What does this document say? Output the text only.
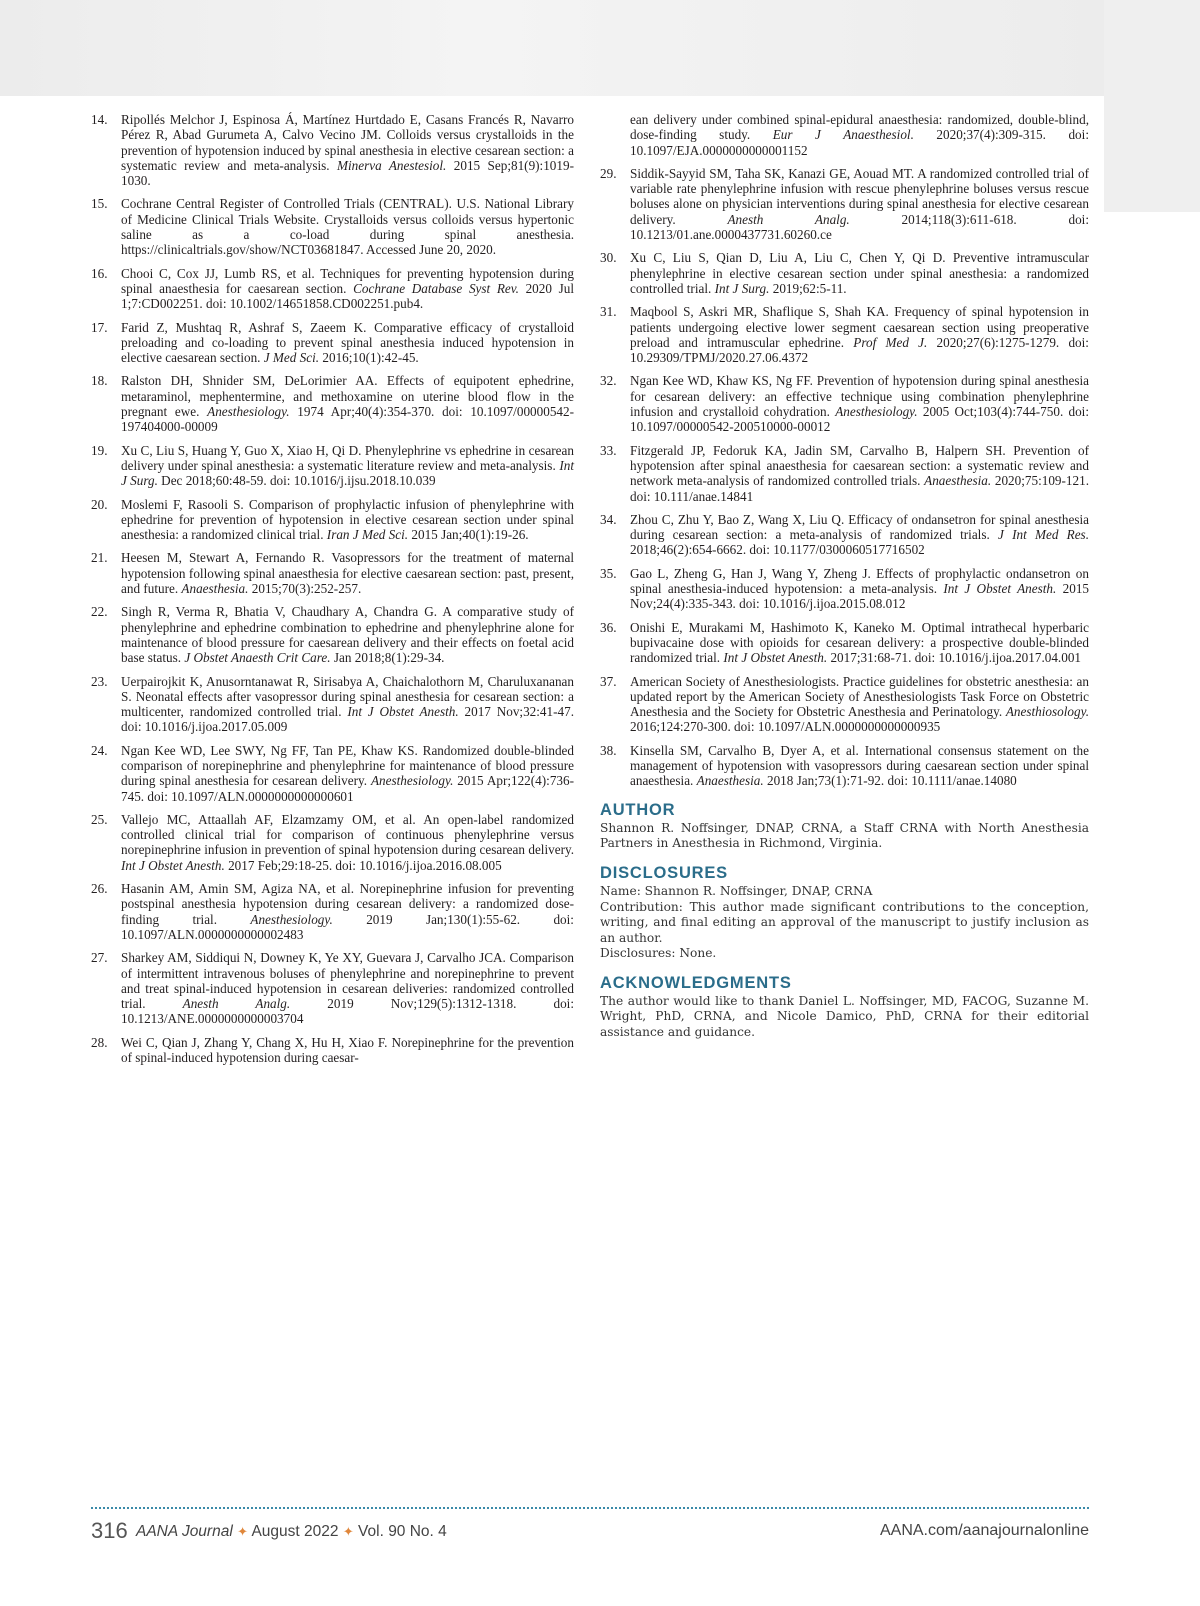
14.	Ripollés Melchor J, Espinosa Á, Martínez Hurtdado E, Casans Francés R, Navarro Pérez R, Abad Gurumeta A, Calvo Vecino JM. Colloids versus crystalloids in the prevention of hypotension induced by spinal anesthesia in elective cesarean section: a systematic review and meta-analysis. Minerva Anestesiol. 2015 Sep;81(9):1019-1030.
15.	Cochrane Central Register of Controlled Trials (CENTRAL). U.S. National Library of Medicine Clinical Trials Website. Crystalloids versus colloids versus hypertonic saline as a co-load during spinal anesthesia. https://clinicaltrials.gov/show/NCT03681847. Accessed June 20, 2020.
16.	Chooi C, Cox JJ, Lumb RS, et al. Techniques for preventing hypotension during spinal anaesthesia for caesarean section. Cochrane Database Syst Rev. 2020 Jul 1;7:CD002251. doi: 10.1002/14651858.CD002251.pub4.
17.	Farid Z, Mushtaq R, Ashraf S, Zaeem K. Comparative efficacy of crystalloid preloading and co-loading to prevent spinal anesthesia induced hypotension in elective caesarean section. J Med Sci. 2016;10(1):42-45.
18.	Ralston DH, Shnider SM, DeLorimier AA. Effects of equipotent ephedrine, metaraminol, mephentermine, and methoxamine on uterine blood flow in the pregnant ewe. Anesthesiology. 1974 Apr;40(4):354-370. doi: 10.1097/00000542-197404000-00009
19.	Xu C, Liu S, Huang Y, Guo X, Xiao H, Qi D. Phenylephrine vs ephedrine in cesarean delivery under spinal anesthesia: a systematic literature review and meta-analysis. Int J Surg. Dec 2018;60:48-59. doi: 10.1016/j.ijsu.2018.10.039
20.	Moslemi F, Rasooli S. Comparison of prophylactic infusion of phenylephrine with ephedrine for prevention of hypotension in elective cesarean section under spinal anesthesia: a randomized clinical trial. Iran J Med Sci. 2015 Jan;40(1):19-26.
21.	Heesen M, Stewart A, Fernando R. Vasopressors for the treatment of maternal hypotension following spinal anaesthesia for elective caesarean section: past, present, and future. Anaesthesia. 2015;70(3):252-257.
22.	Singh R, Verma R, Bhatia V, Chaudhary A, Chandra G. A comparative study of phenylephrine and ephedrine combination to ephedrine and phenylephrine alone for maintenance of blood pressure for caesarean delivery and their effects on foetal acid base status. J Obstet Anaesth Crit Care. Jan 2018;8(1):29-34.
23.	Uerpairojkit K, Anusorntanawat R, Sirisabya A, Chaichalothorn M, Charuluxananan S. Neonatal effects after vasopressor during spinal anesthesia for cesarean section: a multicenter, randomized controlled trial. Int J Obstet Anesth. 2017 Nov;32:41-47. doi: 10.1016/j.ijoa.2017.05.009
24.	Ngan Kee WD, Lee SWY, Ng FF, Tan PE, Khaw KS. Randomized double-blinded comparison of norepinephrine and phenylephrine for maintenance of blood pressure during spinal anesthesia for cesarean delivery. Anesthesiology. 2015 Apr;122(4):736-745. doi: 10.1097/ALN.0000000000000601
25.	Vallejo MC, Attaallah AF, Elzamzamy OM, et al. An open-label randomized controlled clinical trial for comparison of continuous phenylephrine versus norepinephrine infusion in prevention of spinal hypotension during cesarean delivery. Int J Obstet Anesth. 2017 Feb;29:18-25. doi: 10.1016/j.ijoa.2016.08.005
26.	Hasanin AM, Amin SM, Agiza NA, et al. Norepinephrine infusion for preventing postspinal anesthesia hypotension during cesarean delivery: a randomized dose-finding trial. Anesthesiology. 2019 Jan;130(1):55-62. doi: 10.1097/ALN.0000000000002483
27.	Sharkey AM, Siddiqui N, Downey K, Ye XY, Guevara J, Carvalho JCA. Comparison of intermittent intravenous boluses of phenylephrine and norepinephrine to prevent and treat spinal-induced hypotension in cesarean deliveries: randomized controlled trial. Anesth Analg. 2019 Nov;129(5):1312-1318. doi: 10.1213/ANE.0000000000003704
28.	Wei C, Qian J, Zhang Y, Chang X, Hu H, Xiao F. Norepinephrine for the prevention of spinal-induced hypotension during caesar-
ean delivery under combined spinal-epidural anaesthesia: randomized, double-blind, dose-finding study. Eur J Anaesthesiol. 2020;37(4):309-315. doi: 10.1097/EJA.0000000000001152
29.	Siddik-Sayyid SM, Taha SK, Kanazi GE, Aouad MT. A randomized controlled trial of variable rate phenylephrine infusion with rescue phenylephrine boluses versus rescue boluses alone on physician interventions during spinal anesthesia for elective cesarean delivery. Anesth Analg. 2014;118(3):611-618. doi: 10.1213/01.ane.0000437731.60260.ce
30.	Xu C, Liu S, Qian D, Liu A, Liu C, Chen Y, Qi D. Preventive intramuscular phenylephrine in elective cesarean section under spinal anesthesia: a randomized controlled trial. Int J Surg. 2019;62:5-11.
31.	Maqbool S, Askri MR, Shaflique S, Shah KA. Frequency of spinal hypotension in patients undergoing elective lower segment caesarean section using preoperative preload and intramuscular ephedrine. Prof Med J. 2020;27(6):1275-1279. doi: 10.29309/TPMJ/2020.27.06.4372
32.	Ngan Kee WD, Khaw KS, Ng FF. Prevention of hypotension during spinal anesthesia for cesarean delivery: an effective technique using combination phenylephrine infusion and crystalloid cohydration. Anesthesiology. 2005 Oct;103(4):744-750. doi: 10.1097/00000542-200510000-00012
33.	Fitzgerald JP, Fedoruk KA, Jadin SM, Carvalho B, Halpern SH. Prevention of hypotension after spinal anaesthesia for caesarean section: a systematic review and network meta-analysis of randomized controlled trials. Anaesthesia. 2020;75:109-121. doi: 10.111/anae.14841
34.	Zhou C, Zhu Y, Bao Z, Wang X, Liu Q. Efficacy of ondansetron for spinal anesthesia during cesarean section: a meta-analysis of randomized trials. J Int Med Res. 2018;46(2):654-6662. doi: 10.1177/0300060517716502
35.	Gao L, Zheng G, Han J, Wang Y, Zheng J. Effects of prophylactic ondansetron on spinal anesthesia-induced hypotension: a meta-analysis. Int J Obstet Anesth. 2015 Nov;24(4):335-343. doi: 10.1016/j.ijoa.2015.08.012
36.	Onishi E, Murakami M, Hashimoto K, Kaneko M. Optimal intrathecal hyperbaric bupivacaine dose with opioids for cesarean delivery: a prospective double-blinded randomized trial. Int J Obstet Anesth. 2017;31:68-71. doi: 10.1016/j.ijoa.2017.04.001
37.	American Society of Anesthesiologists. Practice guidelines for obstetric anesthesia: an updated report by the American Society of Anesthesiologists Task Force on Obstetric Anesthesia and the Society for Obstetric Anesthesia and Perinatology. Anesthiosology. 2016;124:270-300. doi: 10.1097/ALN.0000000000000935
38.	Kinsella SM, Carvalho B, Dyer A, et al. International consensus statement on the management of hypotension with vasopressors during caesarean section under spinal anaesthesia. Anaesthesia. 2018 Jan;73(1):71-92. doi: 10.1111/anae.14080
AUTHOR

Shannon R. Noffsinger, DNAP, CRNA, a Staff CRNA with North Anesthesia Partners in Anesthesia in Richmond, Virginia.

DISCLOSURES

Name: Shannon R. Noffsinger, DNAP, CRNA

Contribution: This author made significant contributions to the conception, writing, and final editing an approval of the manuscript to justify inclusion as an author.

Disclosures: None.

ACKNOWLEDGMENTS

The author would like to thank Daniel L. Noffsinger, MD, FACOG, Suzanne M. Wright, PhD, CRNA, and Nicole Damico, PhD, CRNA for their editorial assistance and guidance.

316 AANA Journal ✦ August 2022 ✦ Vol. 90 No. 4	AANA.com/aanajournalonline
